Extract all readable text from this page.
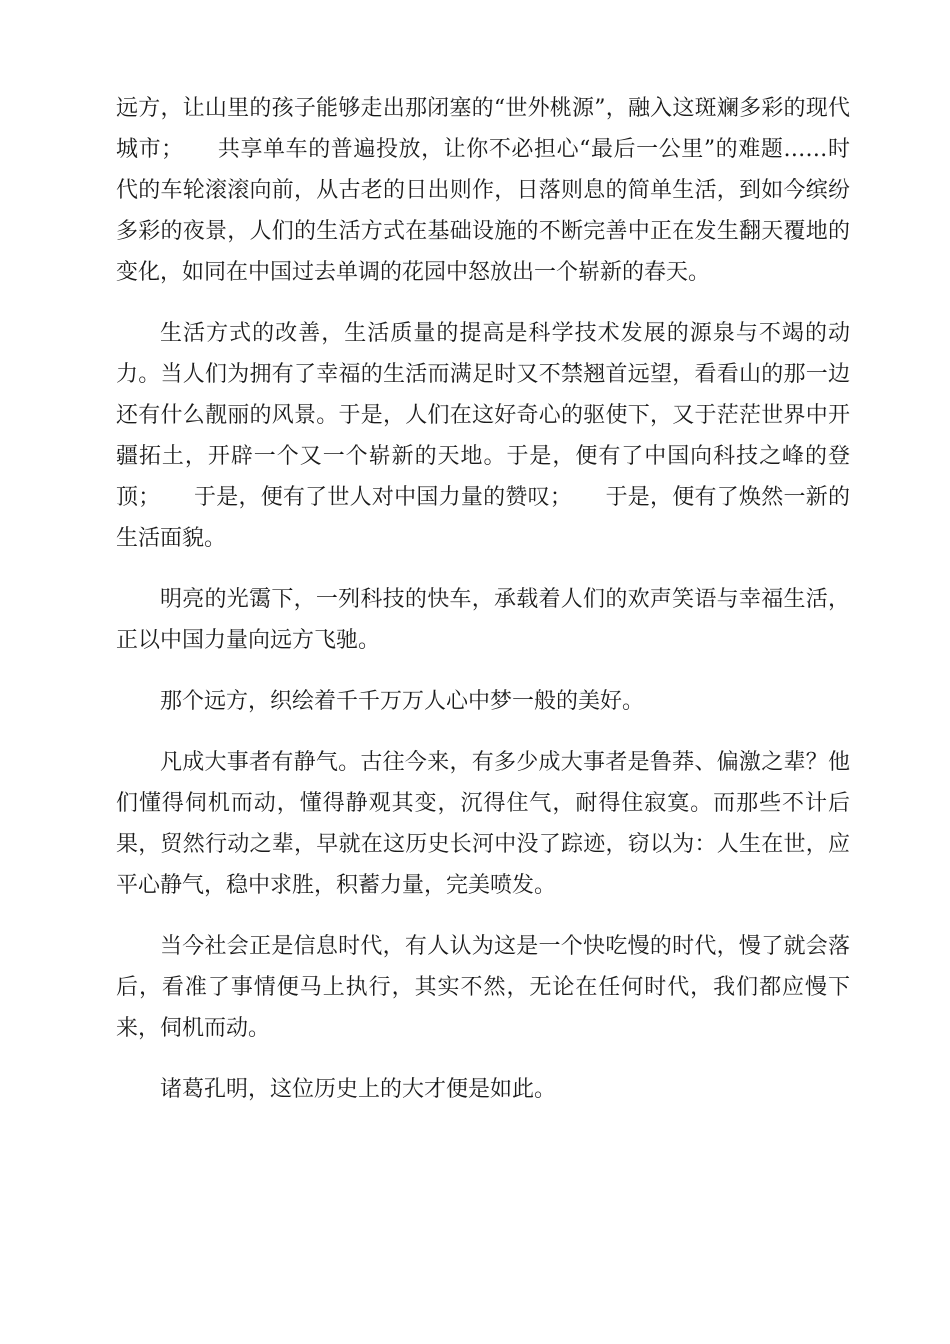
远方，让山里的孩子能够走出那闭塞的“世外桃源”，融入这斑斓多彩的现代城市；　　共享单车的普遍投放，让你不必担心“最后一公里”的难题……时代的车轮滚滚向前，从古老的日出则作，日落则息的简单生活，到如今缤纷多彩的夜景，人们的生活方式在基础设施的不断完善中正在发生翻天覆地的变化，如同在中国过去单调的花园中怒放出一个崭新的春天。

生活方式的改善，生活质量的提高是科学技术发展的源泉与不竭的动力。当人们为拥有了幸福的生活而满足时又不禁翘首远望，看看山的那一边还有什么靓丽的风景。于是，人们在这好奇心的驱使下，又于茫茫世界中开疆拓土，开辟一个又一个崭新的天地。于是，便有了中国向科技之峰的登顶；　　于是，便有了世人对中国力量的赞叹；　　于是，便有了焕然一新的生活面貌。

明亮的光霭下，一列科技的快车，承载着人们的欢声笑语与幸福生活，正以中国力量向远方飞驰。

那个远方，织绘着千千万万人心中梦一般的美好。

凡成大事者有静气。古往今来，有多少成大事者是鲁莽、偏激之辈？他们懂得伺机而动，懂得静观其变，沉得住气，耐得住寂寞。而那些不计后果，贸然行动之辈，早就在这历史长河中没了踪迹，窃以为：人生在世，应平心静气，稳中求胜，积蓄力量，完美喷发。

当今社会正是信息时代，有人认为这是一个快吃慢的时代，慢了就会落后，看准了事情便马上执行，其实不然，无论在任何时代，我们都应慢下来，伺机而动。

诸葛孔明，这位历史上的大才便是如此。
